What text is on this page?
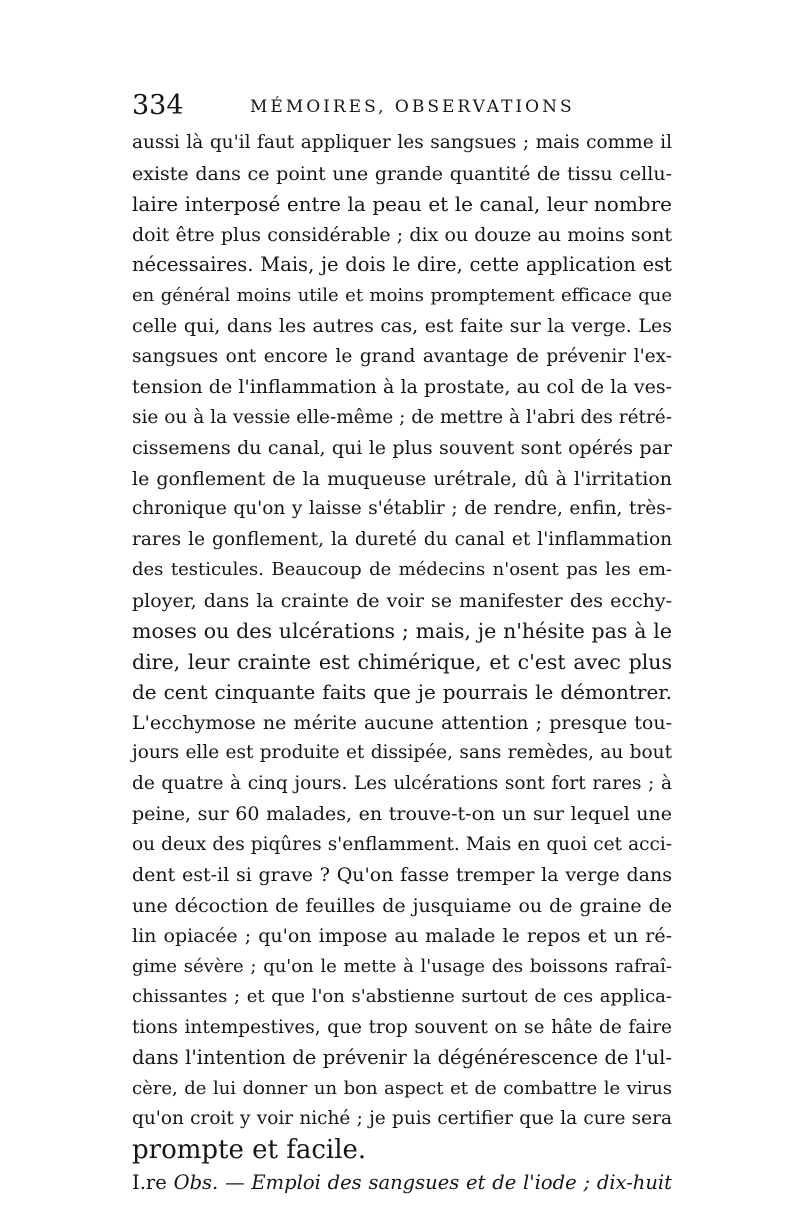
334	MÉMOIRES, OBSERVATIONS
aussi là qu'il faut appliquer les sangsues ; mais comme il
existe dans ce point une grande quantité de tissu cellu-
laire interposé entre la peau et le canal, leur nombre
doit être plus considérable ; dix ou douze au moins sont
nécessaires. Mais, je dois le dire, cette application est
en général moins utile et moins promptement efficace que
celle qui, dans les autres cas, est faite sur la verge. Les
sangsues ont encore le grand avantage de prévenir l'ex-
tension de l'inflammation à la prostate, au col de la ves-
sie ou à la vessie elle-même ; de mettre à l'abri des rétré-
cissemens du canal, qui le plus souvent sont opérés par
le gonflement de la muqueuse urétrale, dû à l'irritation
chronique qu'on y laisse s'établir ; de rendre, enfin, très-
rares le gonflement, la dureté du canal et l'inflammation
des testicules. Beaucoup de médecins n'osent pas les em-
ployer, dans la crainte de voir se manifester des ecchy-
moses ou des ulcérations ; mais, je n'hésite pas à le
dire, leur crainte est chimérique, et c'est avec plus
de cent cinquante faits que je pourrais le démontrer.
L'ecchymose ne mérite aucune attention ; presque tou-
jours elle est produite et dissipée, sans remèdes, au bout
de quatre à cinq jours. Les ulcérations sont fort rares ; à
peine, sur 60 malades, en trouve-t-on un sur lequel une
ou deux des piqûres s'enflamment. Mais en quoi cet acci-
dent est-il si grave ? Qu'on fasse tremper la verge dans
une décoction de feuilles de jusquiame ou de graine de
lin opiacée ; qu'on impose au malade le repos et un ré-
gime sévère ; qu'on le mette à l'usage des boissons rafraî-
chissantes ; et que l'on s'abstienne surtout de ces applica-
tions intempestives, que trop souvent on se hâte de faire
dans l'intention de prévenir la dégénérescence de l'ul-
cère, de lui donner un bon aspect et de combattre le virus
qu'on croit y voir niché ; je puis certifier que la cure sera
prompte et facile.
I.re Obs. — Emploi des sangsues et de l'iode ; dix-huit
